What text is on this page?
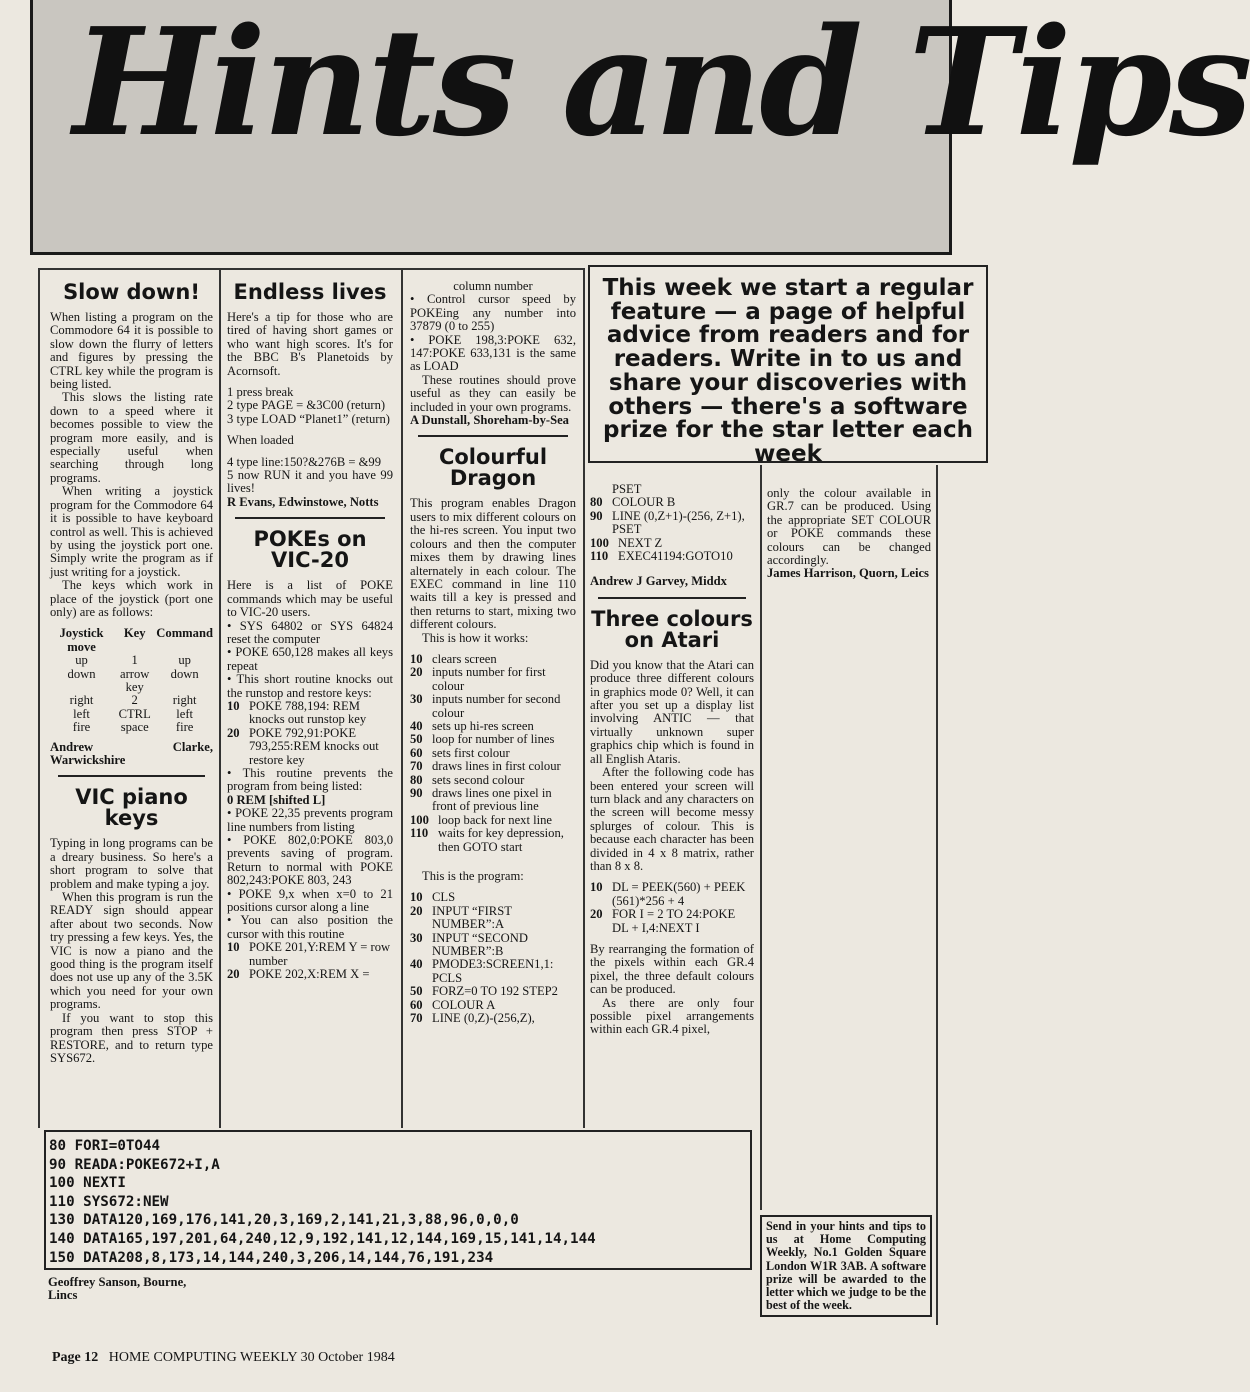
Hints and Tips
This week we start a regular
feature — a page of helpful
advice from readers and for
readers. Write in to us and
share your discoveries with
others — there's a software
prize for the star letter each
week
Slow down!

When listing a program on the Commodore 64 it is possible to slow down the flurry of letters and figures by pressing the CTRL key while the program is being listed.

This slows the listing rate down to a speed where it becomes possible to view the program more easily, and is especially useful when searching through long programs.

When writing a joystick program for the Commodore 64 it is possible to have keyboard control as well. This is achieved by using the joystick port one. Simply write the program as if just writing for a joystick.

The keys which work in place of the joystick (port one only) are as follows:

Joystick move	Key	Command
up	1	up
down	arrow key	down
right	2	right
left	CTRL	left
fire	space	fire

Andrew Clarke, Warwickshire

VIC piano keys

Typing in long programs can be a dreary business. So here's a short program to solve that problem and make typing a joy.

When this program is run the READY sign should appear after about two seconds. Now try pressing a few keys. Yes, the VIC is now a piano and the good thing is the program itself does not use up any of the 3.5K which you need for your own programs.

If you want to stop this program then press STOP + RESTORE, and to return type SYS672.

Endless lives

Here's a tip for those who are tired of having short games or who want high scores. It's for the BBC B's Planetoids by Acornsoft.

1 press break

2 type PAGE = &3C00 (return)

3 type LOAD “Planet1” (return)

When loaded

4 type line:150?&276B = &99

5 now RUN it and you have 99 lives!

R Evans, Edwinstowe, Notts

POKEs on VIC-20

Here is a list of POKE commands which may be useful to VIC-20 users.

• SYS 64802 or SYS 64824 reset the computer

• POKE 650,128 makes all keys repeat

• This short routine knocks out the runstop and restore keys:

10 POKE 788,194: REM knocks out runstop key
20 POKE 792,91:POKE 793,255:REM knocks out restore key

• This routine prevents the program from being listed:

0 REM [shifted L]

• POKE 22,35 prevents program line numbers from listing

• POKE 802,0:POKE 803,0 prevents saving of program. Return to normal with POKE 802,243:POKE 803, 243

• POKE 9,x when x=0 to 21 positions cursor along a line

• You can also position the cursor with this routine

10 POKE 201,Y:REM Y = row number
20 POKE 202,X:REM X =

column number

• Control cursor speed by POKEing any number into 37879 (0 to 255)

• POKE 198,3:POKE 632, 147:POKE 633,131 is the same as LOAD

These routines should prove useful as they can easily be included in your own programs.

A Dunstall, Shoreham-by-Sea

Colourful Dragon

This program enables Dragon users to mix different colours on the hi-res screen. You input two colours and then the computer mixes them by drawing lines alternately in each colour. The EXEC command in line 110 waits till a key is pressed and then returns to start, mixing two different colours.

This is how it works:

10 clears screen
20 inputs number for first colour
30 inputs number for second colour
40 sets up hi-res screen
50 loop for number of lines
60 sets first colour
70 draws lines in first colour
80 sets second colour
90 draws lines one pixel in front of previous line
100 loop back for next line
110 waits for key depression, then GOTO start

This is the program:

10 CLS
20 INPUT “FIRST NUMBER”:A
30 INPUT “SECOND NUMBER”:B
40 PMODE3:SCREEN1,1: PCLS
50 FORZ=0 TO 192 STEP2
60 COLOUR A
70 LINE (0,Z)-(256,Z),

PSET

80 COLOUR B
90 LINE (0,Z+1)-(256, Z+1), PSET
100 NEXT Z
110 EXEC41194:GOTO10

Andrew J Garvey, Middx

Three colours on Atari

Did you know that the Atari can produce three different colours in graphics mode 0? Well, it can after you set up a display list involving ANTIC — that virtually unknown super graphics chip which is found in all English Ataris.

After the following code has been entered your screen will turn black and any characters on the screen will become messy splurges of colour. This is because each character has been divided in 4 x 8 matrix, rather than 8 x 8.

10 DL = PEEK(560) + PEEK (561)*256 + 4
20 FOR I = 2 TO 24:POKE DL + I,4:NEXT I

By rearranging the formation of the pixels within each GR.4 pixel, the three default colours can be produced.

As there are only four possible pixel arrangements within each GR.4 pixel,

only the colour available in GR.7 can be produced. Using the appropriate SET COLOUR or POKE commands these colours can be changed accordingly.

James Harrison, Quorn, Leics

80 FORI=0TO44
90 READA:POKE672+I,A
100 NEXTI
110 SYS672:NEW
130 DATA120,169,176,141,20,3,169,2,141,21,3,88,96,0,0,0
140 DATA165,197,201,64,240,12,9,192,141,12,144,169,15,141,14,144
150 DATA208,8,173,14,144,240,3,206,14,144,76,191,234
Geoffrey Sanson, Bourne, Lincs
Send in your hints and tips to us at Home Computing Weekly, No.1 Golden Square London W1R 3AB. A software prize will be awarded to the letter which we judge to be the best of the week.
Page 12 HOME COMPUTING WEEKLY 30 October 1984
